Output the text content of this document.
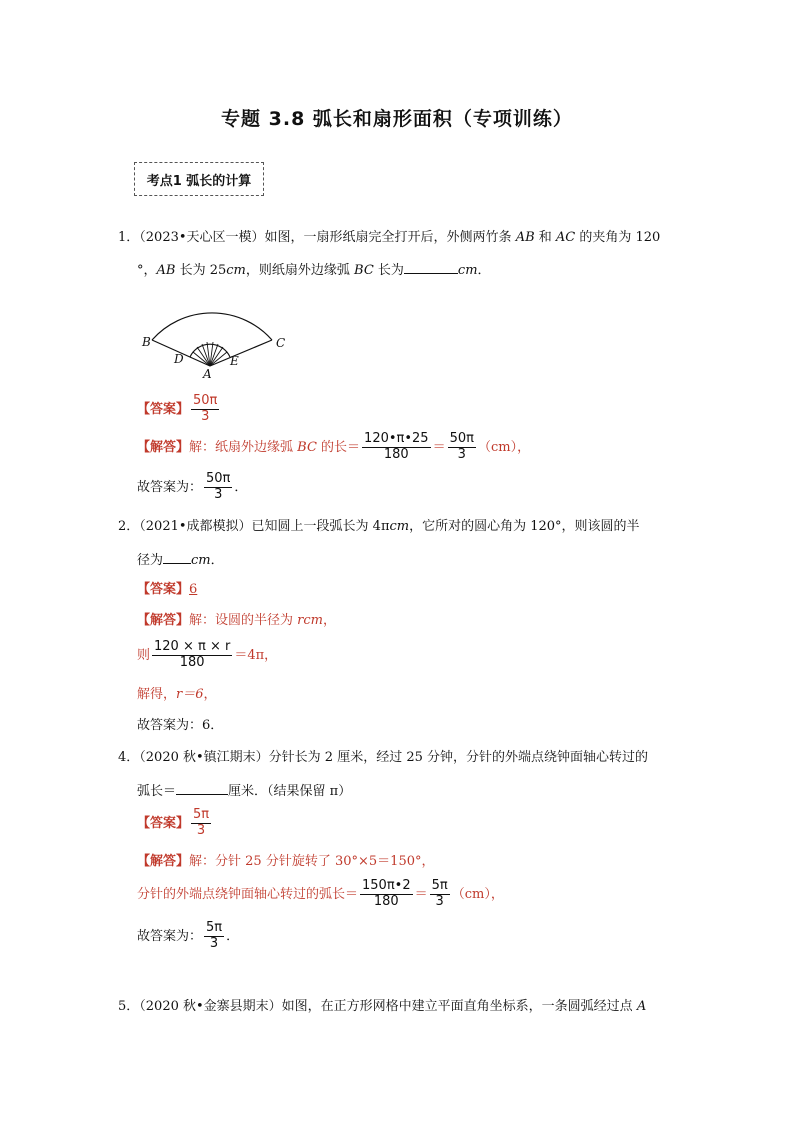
专题 3.8 弧长和扇形面积（专项训练）
考点1 弧长的计算
1．（2023•天心区一模）如图，一扇形纸扇完全打开后，外侧两竹条 AB 和 AC 的夹角为 120
°，AB 长为 25cm，则纸扇外边缘弧 BC 长为	cm．
B	C
D	E
A
【答案】 $\frac{50\pi}{3}$
【解答】解：纸扇外边缘弧 BC 的长＝ $\frac{120•\pi•25}{180} = \frac{50\pi}{3} (cm)$，
故答案为： $\frac{50\pi}{3}$ ．
2．（2021•成都模拟）已知圆上一段弧长为 4πcm，它所对的圆心角为 120°，则该圆的半
径为 cm．
【答案】6
【解答】解：设圆的半径为 rcm，
则 $\frac{120 \times \pi \times r}{180} =4\pi$，
解得，r＝6，
故答案为：6．
4．（2020 秋•镇江期末）分针长为 2 厘米，经过 25 分钟，分针的外端点绕钟面轴心转过的
弧长＝	厘米．（结果保留 π）
【答案】 $\frac{5\pi}{3}$
【解答】解：分针 25 分针旋转了 30°×5＝150°，
分针的外端点绕钟面轴心转过的弧长＝ $\frac{150\pi•2}{180} = \frac{5\pi}{3} (cm)$，
故答案为： $\frac{5\pi}{3}$ ．
5．（2020 秋•金寨县期末）如图，在正方形网格中建立平面直角坐标系，一条圆弧经过点 A
